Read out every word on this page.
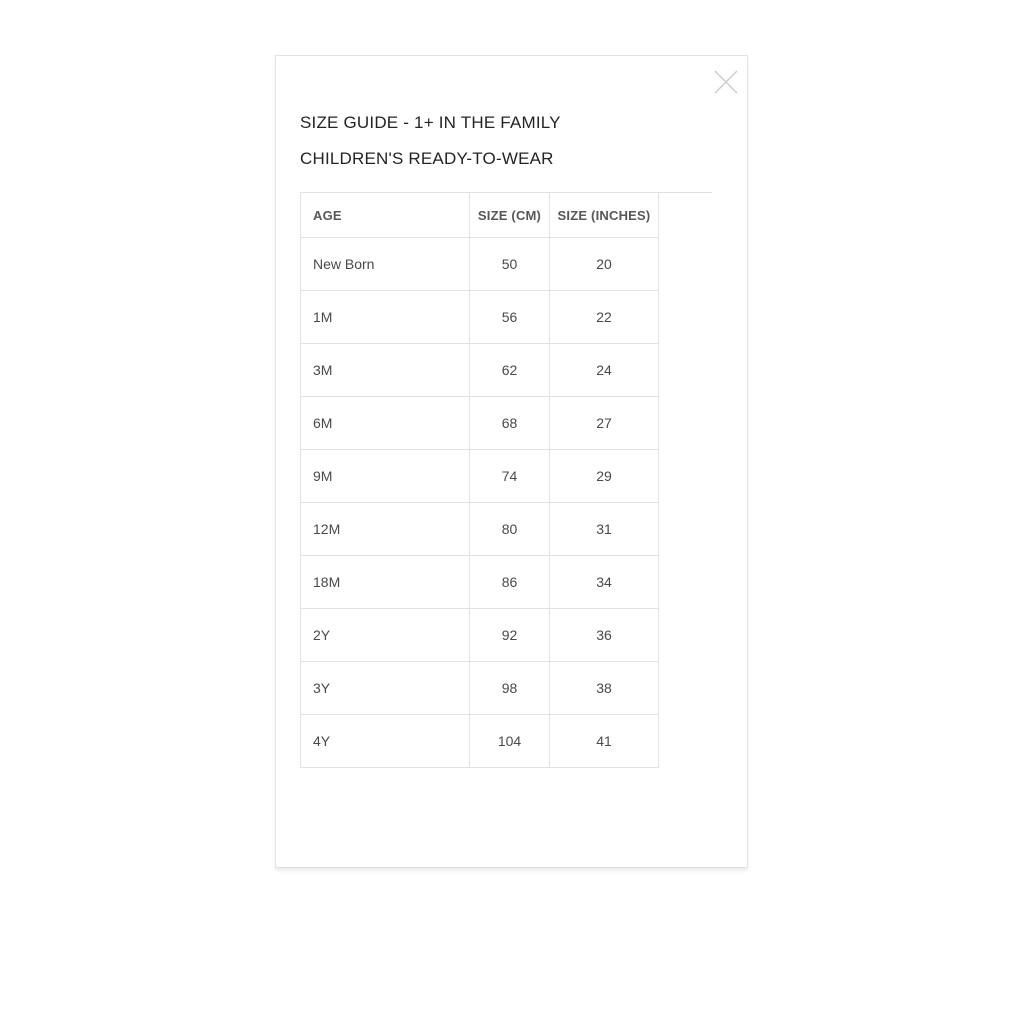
SIZE GUIDE - 1+ IN THE FAMILY
CHILDREN'S READY-TO-WEAR
AGE	SIZE (CM)	SIZE (INCHES)
New Born	50	20
1M	56	22
3M	62	24
6M	68	27
9M	74	29
12M	80	31
18M	86	34
2Y	92	36
3Y	98	38
4Y	104	41
